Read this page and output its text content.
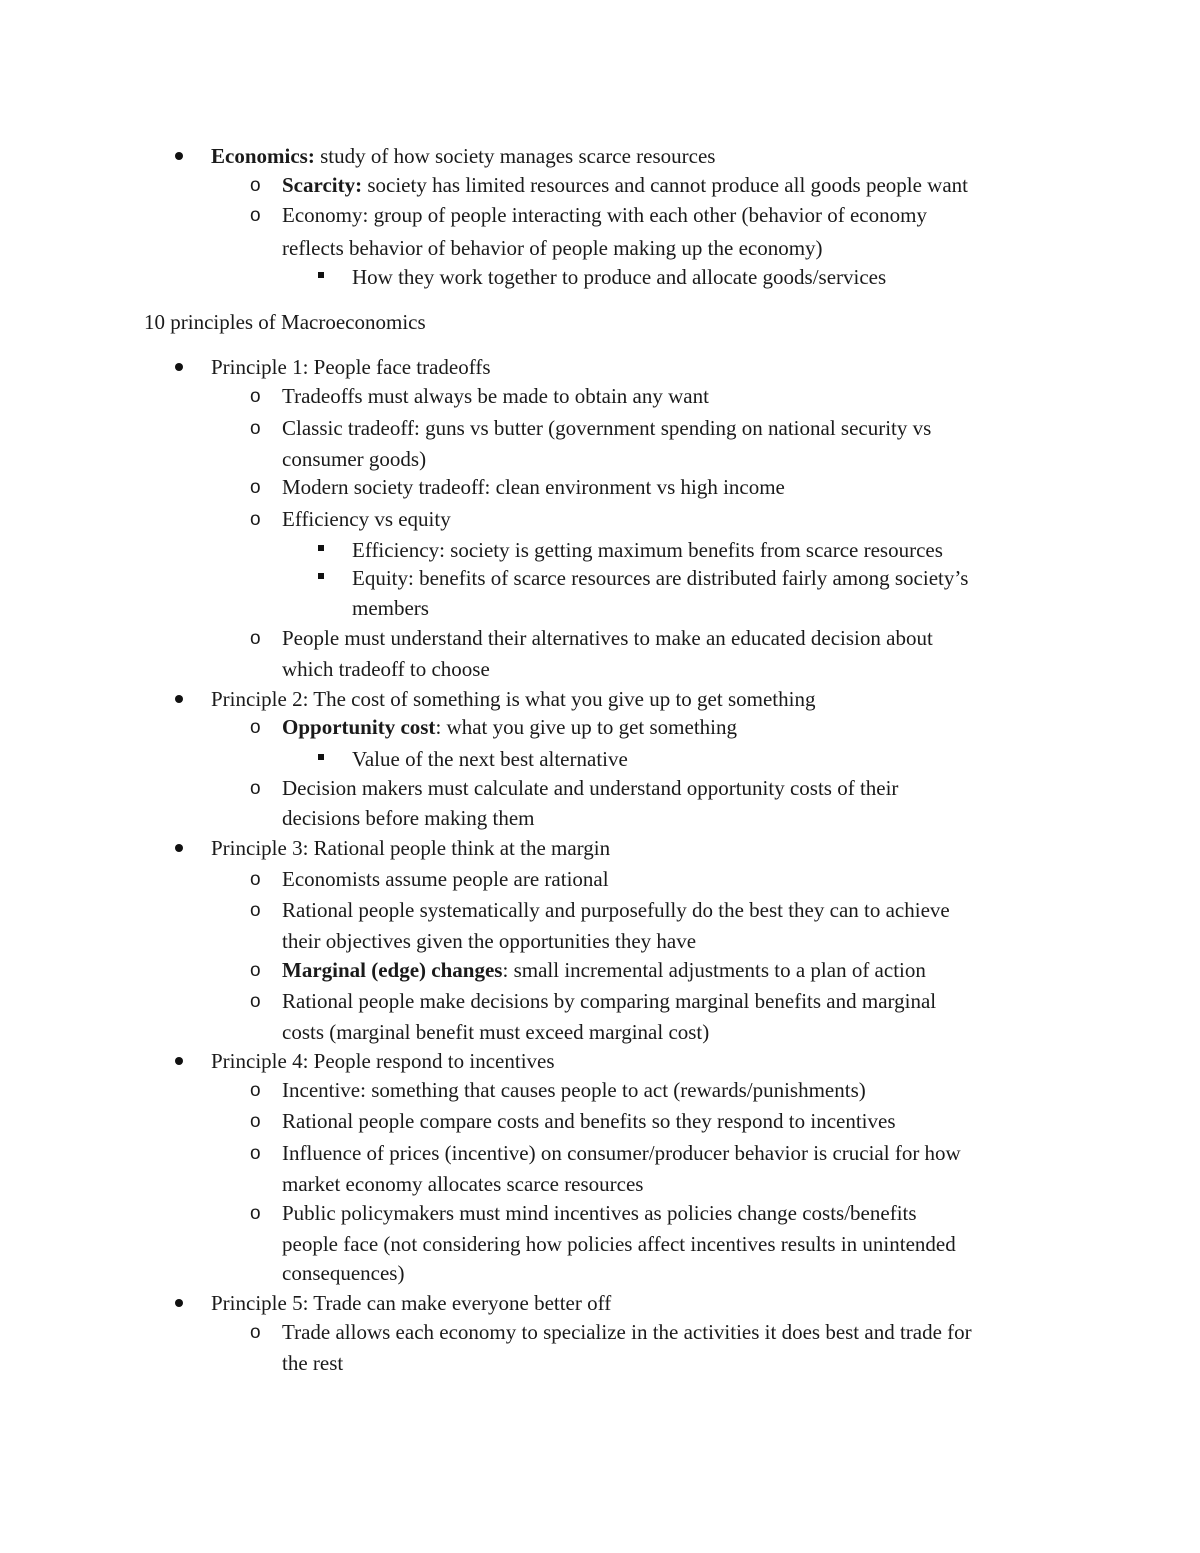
Economics: study of how society manages scarce resources
o Scarcity: society has limited resources and cannot produce all goods people want
o Economy: group of people interacting with each other (behavior of economy
reflects behavior of behavior of people making up the economy)
How they work together to produce and allocate goods/services
10 principles of Macroeconomics
Principle 1: People face tradeoffs
o Tradeoffs must always be made to obtain any want
o Classic tradeoff: guns vs butter (government spending on national security vs
consumer goods)
o Modern society tradeoff: clean environment vs high income
o Efficiency vs equity
Efficiency: society is getting maximum benefits from scarce resources
Equity: benefits of scarce resources are distributed fairly among society’s
members
o People must understand their alternatives to make an educated decision about
which tradeoff to choose
Principle 2: The cost of something is what you give up to get something
o Opportunity cost: what you give up to get something
Value of the next best alternative
o Decision makers must calculate and understand opportunity costs of their
decisions before making them
Principle 3: Rational people think at the margin
o Economists assume people are rational
o Rational people systematically and purposefully do the best they can to achieve
their objectives given the opportunities they have
o Marginal (edge) changes: small incremental adjustments to a plan of action
o Rational people make decisions by comparing marginal benefits and marginal
costs (marginal benefit must exceed marginal cost)
Principle 4: People respond to incentives
o Incentive: something that causes people to act (rewards/punishments)
o Rational people compare costs and benefits so they respond to incentives
o Influence of prices (incentive) on consumer/producer behavior is crucial for how
market economy allocates scarce resources
o Public policymakers must mind incentives as policies change costs/benefits
people face (not considering how policies affect incentives results in unintended
consequences)
Principle 5: Trade can make everyone better off
o Trade allows each economy to specialize in the activities it does best and trade for
the rest
